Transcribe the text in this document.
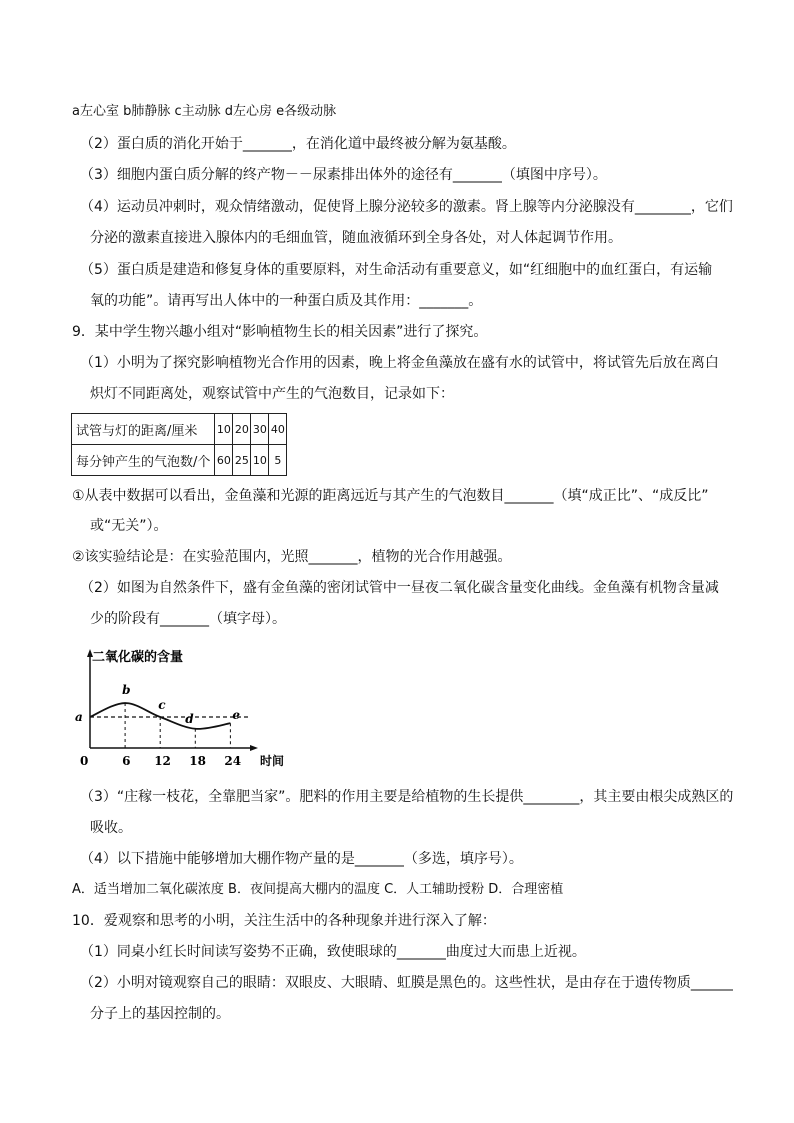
a左心室 b肺静脉 c主动脉 d左心房 e各级动脉
（2）蛋白质的消化开始于_______，在消化道中最终被分解为氨基酸。
（3）细胞内蛋白质分解的终产物－－尿素排出体外的途径有_______（填图中序号）。
（4）运动员冲刺时，观众情绪激动，促使肾上腺分泌较多的激素。肾上腺等内分泌腺没有________，它们
分泌的激素直接进入腺体内的毛细血管，随血液循环到全身各处，对人体起调节作用。
（5）蛋白质是建造和修复身体的重要原料，对生命活动有重要意义，如“红细胞中的血红蛋白，有运输
氧的功能”。请再写出人体中的一种蛋白质及其作用：_______。
9．某中学生物兴趣小组对“影响植物生长的相关因素”进行了探究。
（1）小明为了探究影响植物光合作用的因素，晚上将金鱼藻放在盛有水的试管中，将试管先后放在离白
炽灯不同距离处，观察试管中产生的气泡数目，记录如下：
试管与灯的距离/厘米	10	20	30	40
每分钟产生的气泡数/个	60	25	10	5
①从表中数据可以看出，金鱼藻和光源的距离远近与其产生的气泡数目_______（填“成正比”、“成反比”
或“无关”）。
②该实验结论是：在实验范围内，光照_______，植物的光合作用越强。
（2）如图为自然条件下，盛有金鱼藻的密闭试管中一昼夜二氧化碳含量变化曲线。金鱼藻有机物含量减
少的阶段有_______（填字母）。
二氧化碳的含量
0	时间
6 12 18 24
a
b
c
d	e
（3）“庄稼一枝花，全靠肥当家”。肥料的作用主要是给植物的生长提供________，其主要由根尖成熟区的
吸收。
（4）以下措施中能够增加大棚作物产量的是_______（多选，填序号）。
A．适当增加二氧化碳浓度 B．夜间提高大棚内的温度 C．人工辅助授粉 D．合理密植
10．爱观察和思考的小明，关注生活中的各种现象并进行深入了解：
（1）同桌小红长时间读写姿势不正确，致使眼球的_______曲度过大而患上近视。
（2）小明对镜观察自己的眼睛：双眼皮、大眼睛、虹膜是黑色的。这些性状，是由存在于遗传物质______
分子上的基因控制的。
